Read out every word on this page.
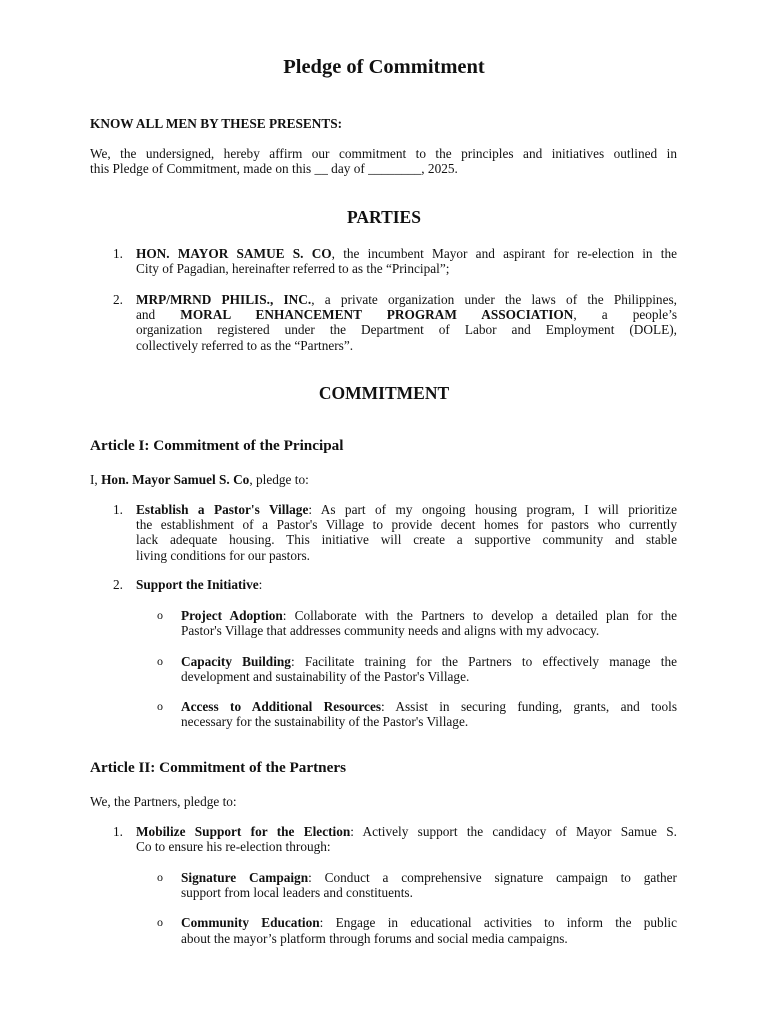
Pledge of Commitment
KNOW ALL MEN BY THESE PRESENTS:
We, the undersigned, hereby affirm our commitment to the principles and initiatives outlined in
this Pledge of Commitment, made on this __ day of ________, 2025.
PARTIES
1. HON. MAYOR SAMUE S. CO, the incumbent Mayor and aspirant for re-election in the
City of Pagadian, hereinafter referred to as the “Principal”;
2. MRP/MRND PHILIS., INC., a private organization under the laws of the Philippines,
and MORAL ENHANCEMENT PROGRAM ASSOCIATION, a people’s
organization registered under the Department of Labor and Employment (DOLE),
collectively referred to as the “Partners”.
COMMITMENT
Article I: Commitment of the Principal
I, Hon. Mayor Samuel S. Co, pledge to:
1. Establish a Pastor's Village: As part of my ongoing housing program, I will prioritize
the establishment of a Pastor's Village to provide decent homes for pastors who currently
lack adequate housing. This initiative will create a supportive community and stable
living conditions for our pastors.
2. Support the Initiative:
o	Project Adoption: Collaborate with the Partners to develop a detailed plan for the
Pastor's Village that addresses community needs and aligns with my advocacy.
o	Capacity Building: Facilitate training for the Partners to effectively manage the
development and sustainability of the Pastor's Village.
o	Access to Additional Resources: Assist in securing funding, grants, and tools
necessary for the sustainability of the Pastor's Village.
Article II: Commitment of the Partners
We, the Partners, pledge to:
1. Mobilize Support for the Election: Actively support the candidacy of Mayor Samue S.
Co to ensure his re-election through:
o	Signature Campaign: Conduct a comprehensive signature campaign to gather
support from local leaders and constituents.
o	Community Education: Engage in educational activities to inform the public
about the mayor’s platform through forums and social media campaigns.
